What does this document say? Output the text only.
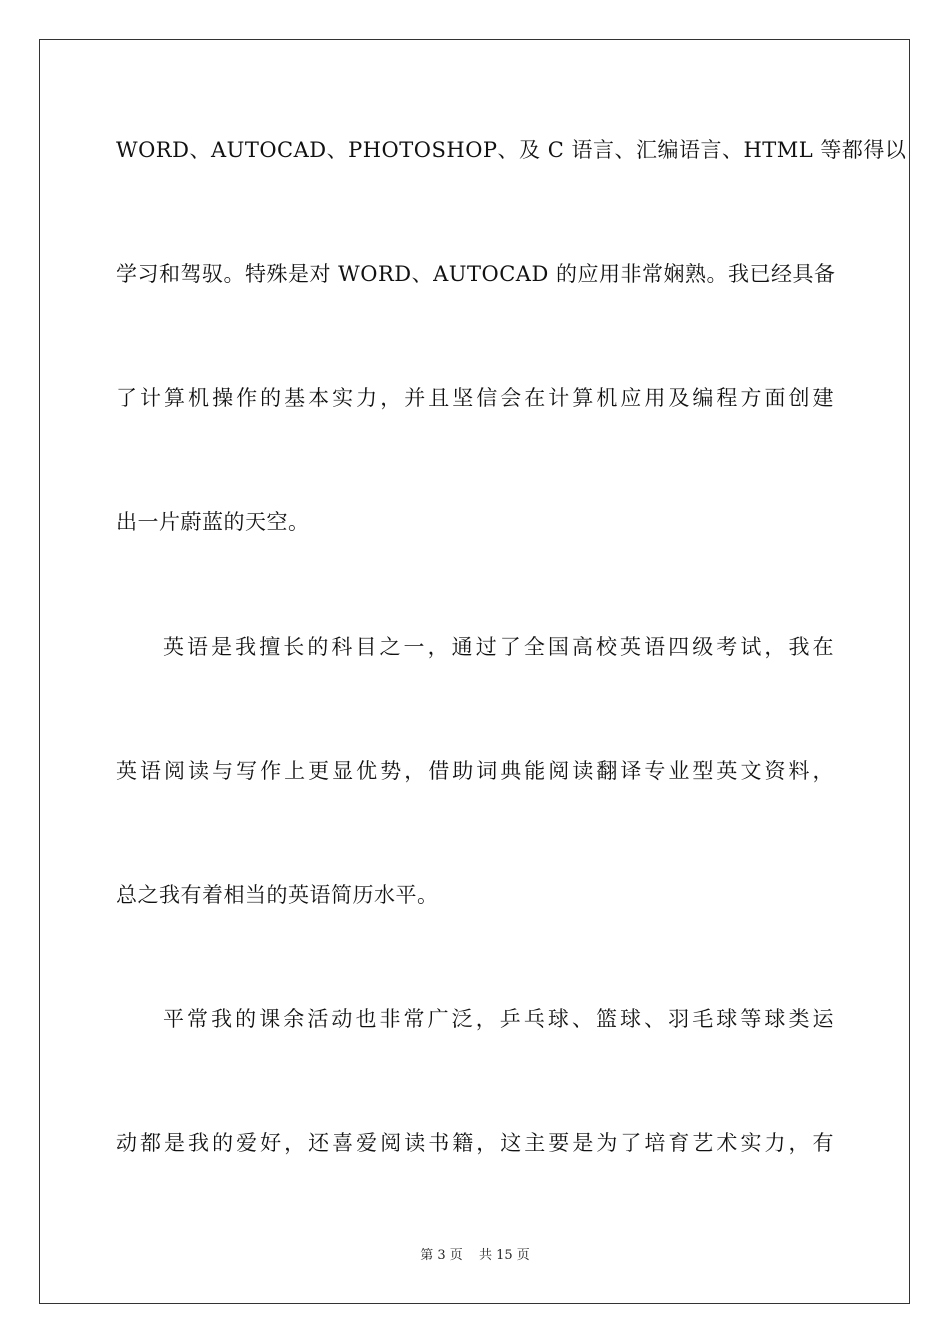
WORD、AUTOCAD、PHOTOSHOP、及 C 语言、汇编语言、HTML 等都得以
学习和驾驭。特殊是对 WORD、AUTOCAD 的应用非常娴熟。我已经具备
了计算机操作的基本实力，并且坚信会在计算机应用及编程方面创建
出一片蔚蓝的天空。
英语是我擅长的科目之一，通过了全国高校英语四级考试，我在
英语阅读与写作上更显优势，借助词典能阅读翻译专业型英文资料，
总之我有着相当的英语简历水平。
平常我的课余活动也非常广泛，乒乓球、篮球、羽毛球等球类运
动都是我的爱好，还喜爱阅读书籍，这主要是为了培育艺术实力，有
第 3 页 共 15 页
